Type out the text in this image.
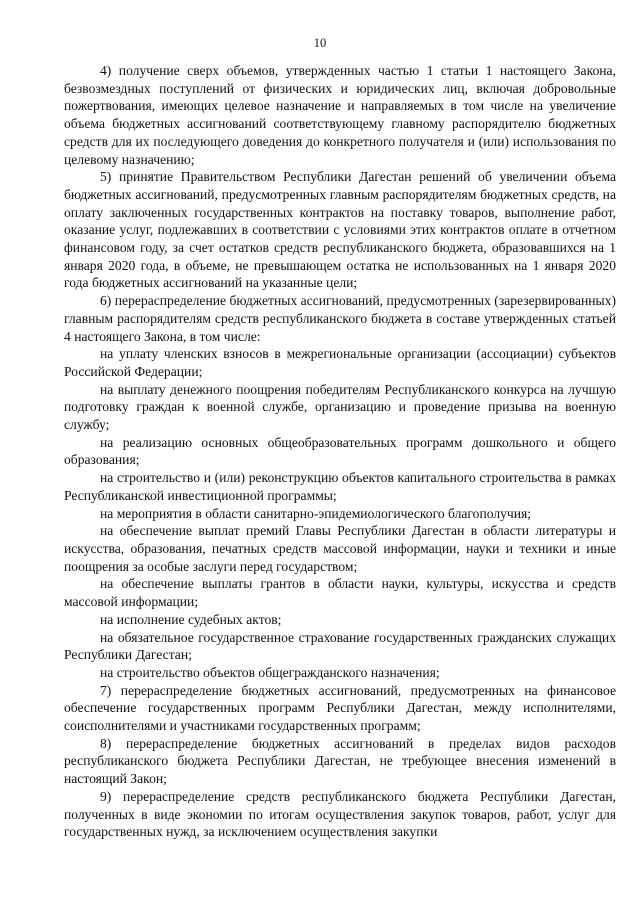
10

4) получение сверх объемов, утвержденных частью 1 статьи 1 настоящего Закона, безвозмездных поступлений от физических и юридических лиц, включая добровольные пожертвования, имеющих целевое назначение и направляемых в том числе на увеличение объема бюджетных ассигнований соответствующему главному распорядителю бюджетных средств для их последующего доведения до конкретного получателя и (или) использования по целевому назначению;

5) принятие Правительством Республики Дагестан решений об увеличении объема бюджетных ассигнований, предусмотренных главным распорядителям бюджетных средств, на оплату заключенных государственных контрактов на поставку товаров, выполнение работ, оказание услуг, подлежавших в соответствии с условиями этих контрактов оплате в отчетном финансовом году, за счет остатков средств республиканского бюджета, образовавшихся на 1 января 2020 года, в объеме, не превышающем остатка не использованных на 1 января 2020 года бюджетных ассигнований на указанные цели;

6) перераспределение бюджетных ассигнований, предусмотренных (зарезервированных) главным распорядителям средств республиканского бюджета в составе утвержденных статьей 4 настоящего Закона, в том числе:

на уплату членских взносов в межрегиональные организации (ассоциации) субъектов Российской Федерации;

на выплату денежного поощрения победителям Республиканского конкурса на лучшую подготовку граждан к военной службе, организацию и проведение призыва на военную службу;

на реализацию основных общеобразовательных программ дошкольного и общего образования;

на строительство и (или) реконструкцию объектов капитального строительства в рамках Республиканской инвестиционной программы;

на мероприятия в области санитарно-эпидемиологического благополучия;

на обеспечение выплат премий Главы Республики Дагестан в области литературы и искусства, образования, печатных средств массовой информации, науки и техники и иные поощрения за особые заслуги перед государством;

на обеспечение выплаты грантов в области науки, культуры, искусства и средств массовой информации;

на исполнение судебных актов;

на обязательное государственное страхование государственных гражданских служащих Республики Дагестан;

на строительство объектов общегражданского назначения;

7) перераспределение бюджетных ассигнований, предусмотренных на финансовое обеспечение государственных программ Республики Дагестан, между исполнителями, соисполнителями и участниками государственных программ;

8) перераспределение бюджетных ассигнований в пределах видов расходов республиканского бюджета Республики Дагестан, не требующее внесения изменений в настоящий Закон;

9) перераспределение средств республиканского бюджета Республики Дагестан, полученных в виде экономии по итогам осуществления закупок товаров, работ, услуг для государственных нужд, за исключением осуществления закупки
